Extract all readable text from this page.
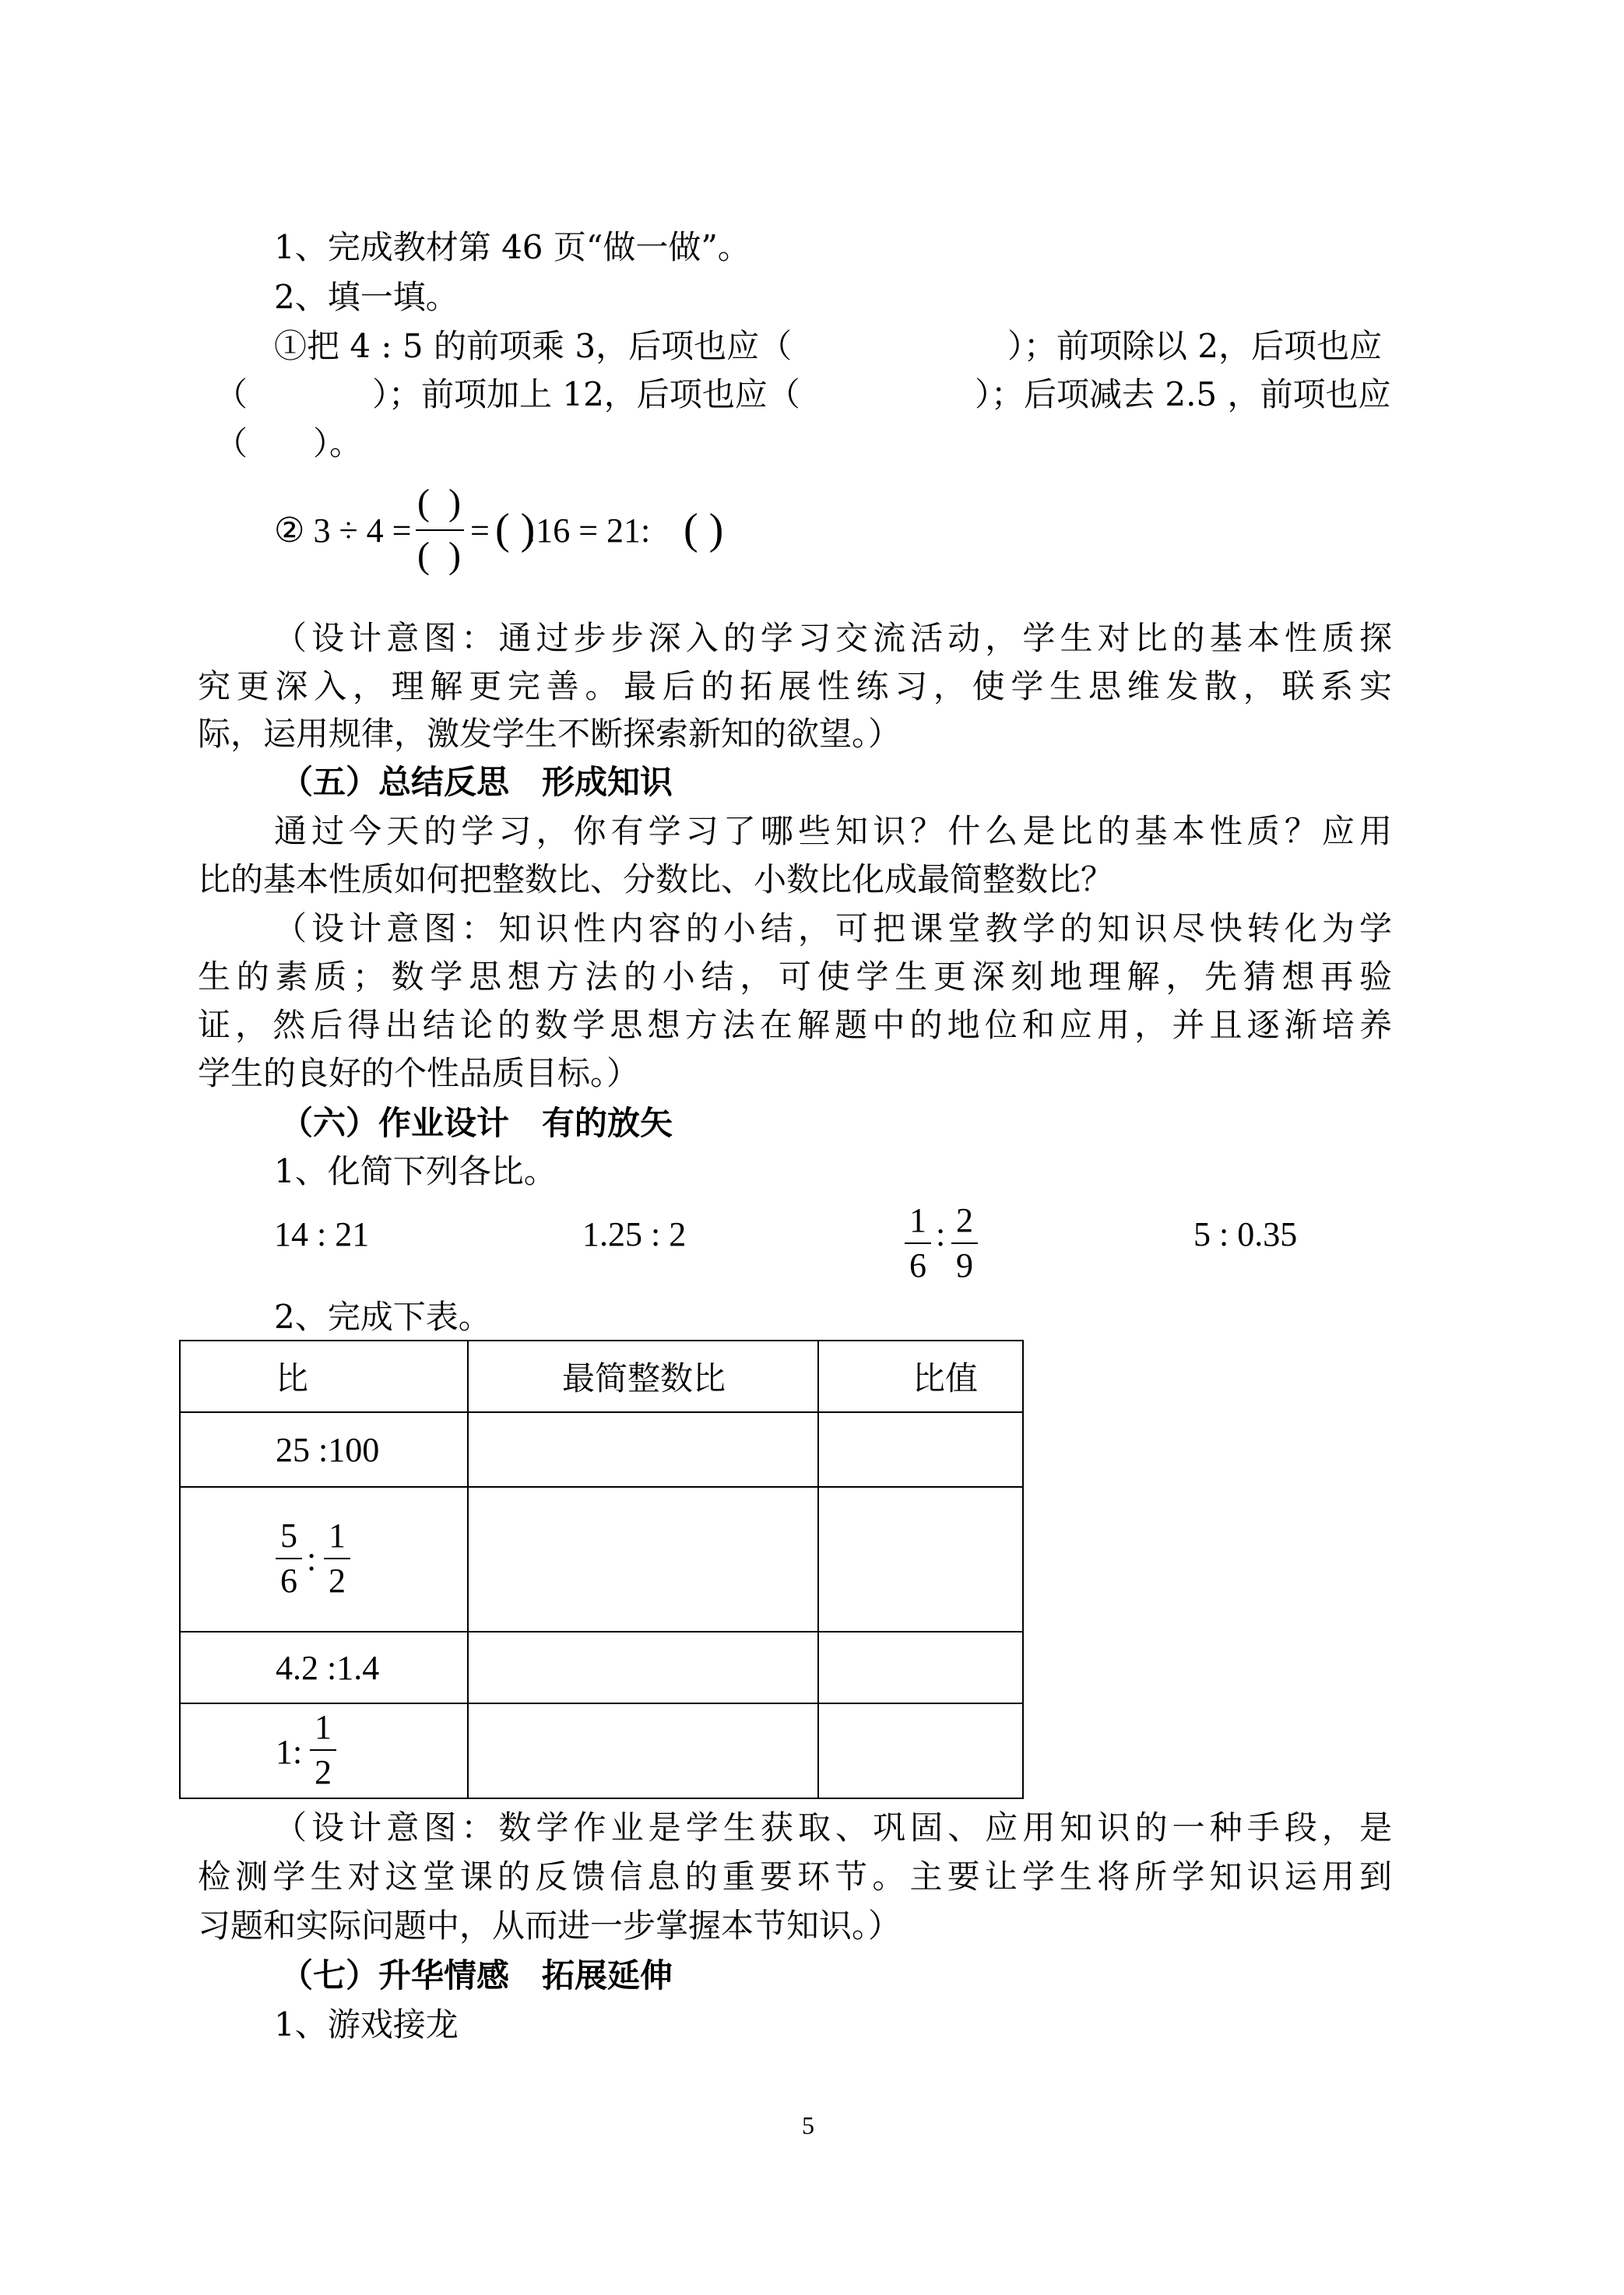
1、完成教材第 46 页“做一做”。
2、填一填。
①把 4 : 5 的前项乘 3，后项也应（	）；前项除以 2，后项也应
（	）；前项加上 12，后项也应（	）；后项减去 2.5 ，前项也应
（　　）。
② 3 ÷ 4 =
(  )
(  )
= ( )
:16 = 21: ( )
（设计意图：通过步步深入的学习交流活动，学生对比的基本性质探
究更深入，理解更完善。最后的拓展性练习，使学生思维发散，联系实
际，运用规律，激发学生不断探索新知的欲望。）
（五）总结反思　形成知识
通过今天的学习，你有学习了哪些知识？什么是比的基本性质？应用
比的基本性质如何把整数比、分数比、小数比化成最简整数比？
（设计意图：知识性内容的小结，可把课堂教学的知识尽快转化为学
生的素质；数学思想方法的小结，可使学生更深刻地理解，先猜想再验
证，然后得出结论的数学思想方法在解题中的地位和应用，并且逐渐培养
学生的良好的个性品质目标。）
（六）作业设计　有的放矢
1、化简下列各比。
14 : 21	1.25 : 2	1
6
: 2
9
5 : 0.35
2、完成下表。
比	最简整数比	比值
25 :100		

5
6
:
1
2		

4.2 :1.4		

1:
1
2		

（设计意图：数学作业是学生获取、巩固、应用知识的一种手段，是
检测学生对这堂课的反馈信息的重要环节。主要让学生将所学知识运用到
习题和实际问题中，从而进一步掌握本节知识。）
（七）升华情感　拓展延伸
1、游戏接龙
5
